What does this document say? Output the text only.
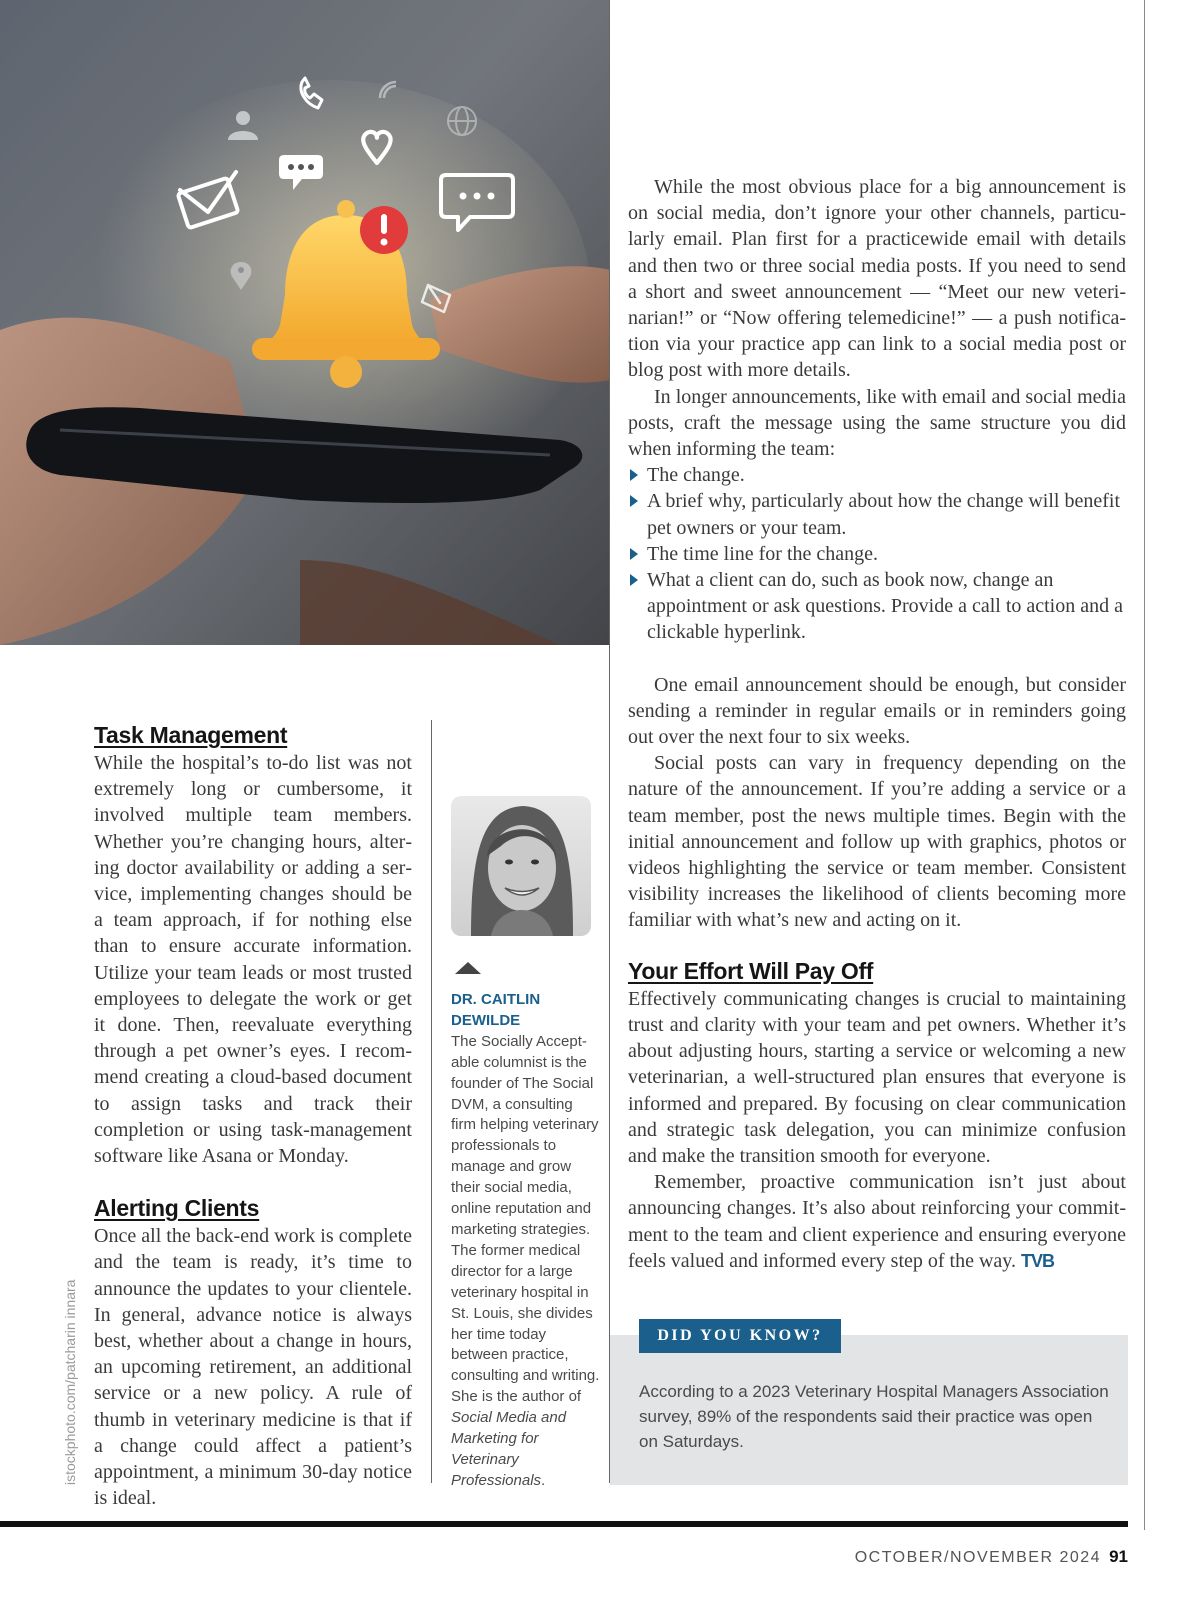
istockphoto.com/patcharin innara
Task Management

While the hospital’s to-do list was not extremely long or cumbersome, it involved multiple team members. Whether you’re changing hours, altering doctor availability or adding a service, implementing changes should be a team approach, if for nothing else than to ensure accurate information. Utilize your team leads or most trusted employees to delegate the work or get it done. Then, reevaluate everything through a pet owner’s eyes. I recommend creating a cloud-based document to assign tasks and track their completion or using task-management software like Asana or Monday.

Alerting Clients

Once all the back-end work is complete and the team is ready, it’s time to announce the updates to your clientele. In general, advance notice is always best, whether about a change in hours, an upcoming retirement, an additional service or a new policy. A rule of thumb in veterinary medicine is that if a change could affect a patient’s appointment, a minimum 30-day notice is ideal.

DR. CAITLIN DEWILDE
The Socially Acceptable columnist is the founder of The Social DVM, a consulting firm helping veterinary professionals to manage and grow their social media, online reputation and marketing strategies. The former medical director for a large veterinary hospital in St. Louis, she divides her time today between practice, consulting and writing. She is the author of Social Media and Marketing for Veterinary Professionals.

While the most obvious place for a big announcement is on social media, don’t ignore your other channels, particularly email. Plan first for a practicewide email with details and then two or three social media posts. If you need to send a short and sweet announcement — “Meet our new veterinarian!” or “Now offering telemedicine!” — a push notification via your practice app can link to a social media post or blog post with more details.

In longer announcements, like with email and social media posts, craft the message using the same structure you did when informing the team:

The change.
A brief why, particularly about how the change will benefit pet owners or your team.
The time line for the change.
What a client can do, such as book now, change an appointment or ask questions. Provide a call to action and a clickable hyperlink.

One email announcement should be enough, but consider sending a reminder in regular emails or in reminders going out over the next four to six weeks.

Social posts can vary in frequency depending on the nature of the announcement. If you’re adding a service or a team member, post the news multiple times. Begin with the initial announcement and follow up with graphics, photos or videos highlighting the service or team member. Consistent visibility increases the likelihood of clients becoming more familiar with what’s new and acting on it.

Your Effort Will Pay Off

Effectively communicating changes is crucial to maintaining trust and clarity with your team and pet owners. Whether it’s about adjusting hours, starting a service or welcoming a new veterinarian, a well-structured plan ensures that everyone is informed and prepared. By focusing on clear communication and strategic task delegation, you can minimize confusion and make the transition smooth for everyone.

Remember, proactive communication isn’t just about announcing changes. It’s also about reinforcing your commitment to the team and client experience and ensuring everyone feels valued and informed every step of the way. TVB

DID YOU KNOW?
According to a 2023 Veterinary Hospital Managers Association survey, 89% of the respondents said their practice was open on Saturdays.
OCTOBER/NOVEMBER 2024 91
